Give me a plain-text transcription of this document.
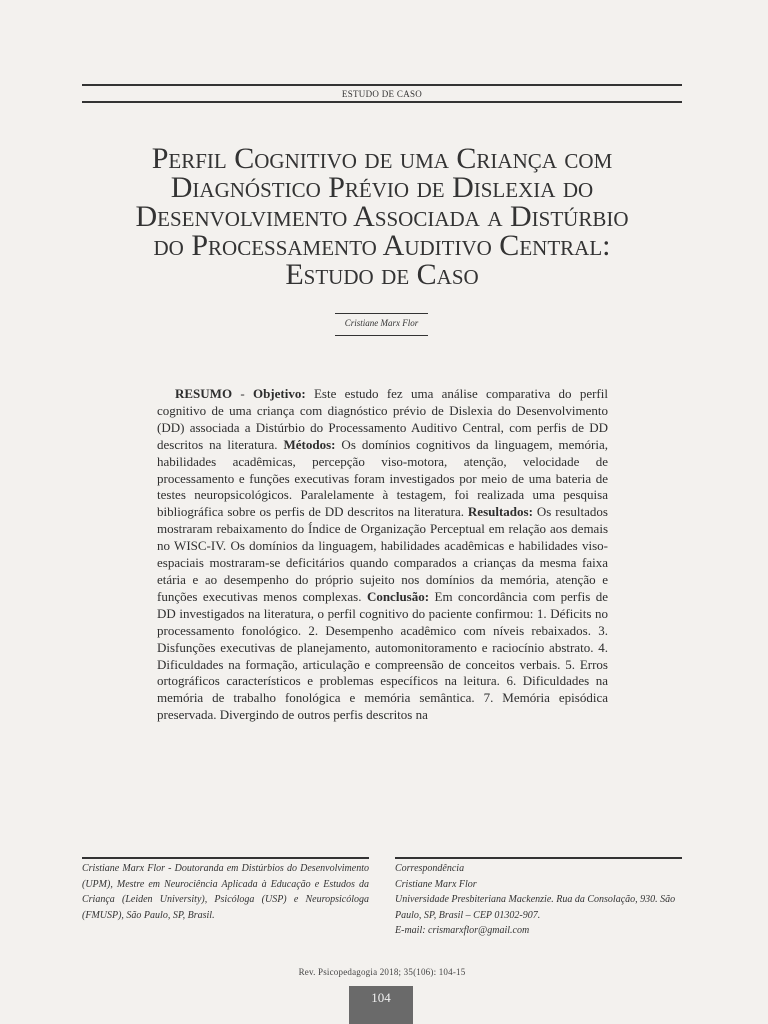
ESTUDO DE CASO
Perfil Cognitivo de uma Criança com
Diagnóstico Prévio de Dislexia do
Desenvolvimento Associada a Distúrbio
do Processamento Auditivo Central:
Estudo de Caso
Cristiane Marx Flor

RESUMO - Objetivo: Este estudo fez uma análise comparativa do perfil cognitivo de uma criança com diagnóstico prévio de Dislexia do Desenvolvimento (DD) associada a Distúrbio do Processamento Auditivo Central, com perfis de DD descritos na literatura. Métodos: Os domínios cognitivos da linguagem, memória, habilidades acadêmicas, percepção viso-motora, atenção, velocidade de processamento e funções executivas foram investigados por meio de uma bateria de testes neuropsicológicos. Paralelamente à testagem, foi realizada uma pesquisa bibliográfica sobre os perfis de DD descritos na literatura. Resultados: Os resultados mostraram rebaixamento do Índice de Organização Perceptual em relação aos demais no WISC-IV. Os domínios da linguagem, habilidades acadêmicas e habilidades viso-espaciais mostraram-se deficitários quando comparados a crianças da mesma faixa etária e ao desempenho do próprio sujeito nos domínios da memória, atenção e funções executivas menos complexas. Conclusão: Em concordância com perfis de DD investigados na literatura, o perfil cognitivo do paciente confirmou: 1. Déficits no processamento fonológico. 2. Desempenho acadêmico com níveis rebaixados. 3. Disfunções executivas de planejamento, automonitoramento e raciocínio abstrato. 4. Dificuldades na formação, articulação e compreensão de conceitos verbais. 5. Erros ortográficos característicos e problemas específicos na leitura. 6. Dificuldades na memória de trabalho fonológica e memória semântica. 7. Memória episódica preservada. Divergindo de outros perfis descritos na

Cristiane Marx Flor - Doutoranda em Distúrbios do Desenvolvimento (UPM), Mestre em Neurociência Aplicada à Educação e Estudos da Criança (Leiden University), Psicóloga (USP) e Neuropsicóloga (FMUSP), São Paulo, SP, Brasil.
Correspondência
Cristiane Marx Flor
Universidade Presbiteriana Mackenzie. Rua da Consolação, 930. São Paulo, SP, Brasil – CEP 01302-907.
E-mail: crismarxflor@gmail.com
Rev. Psicopedagogia 2018; 35(106): 104-15
104
